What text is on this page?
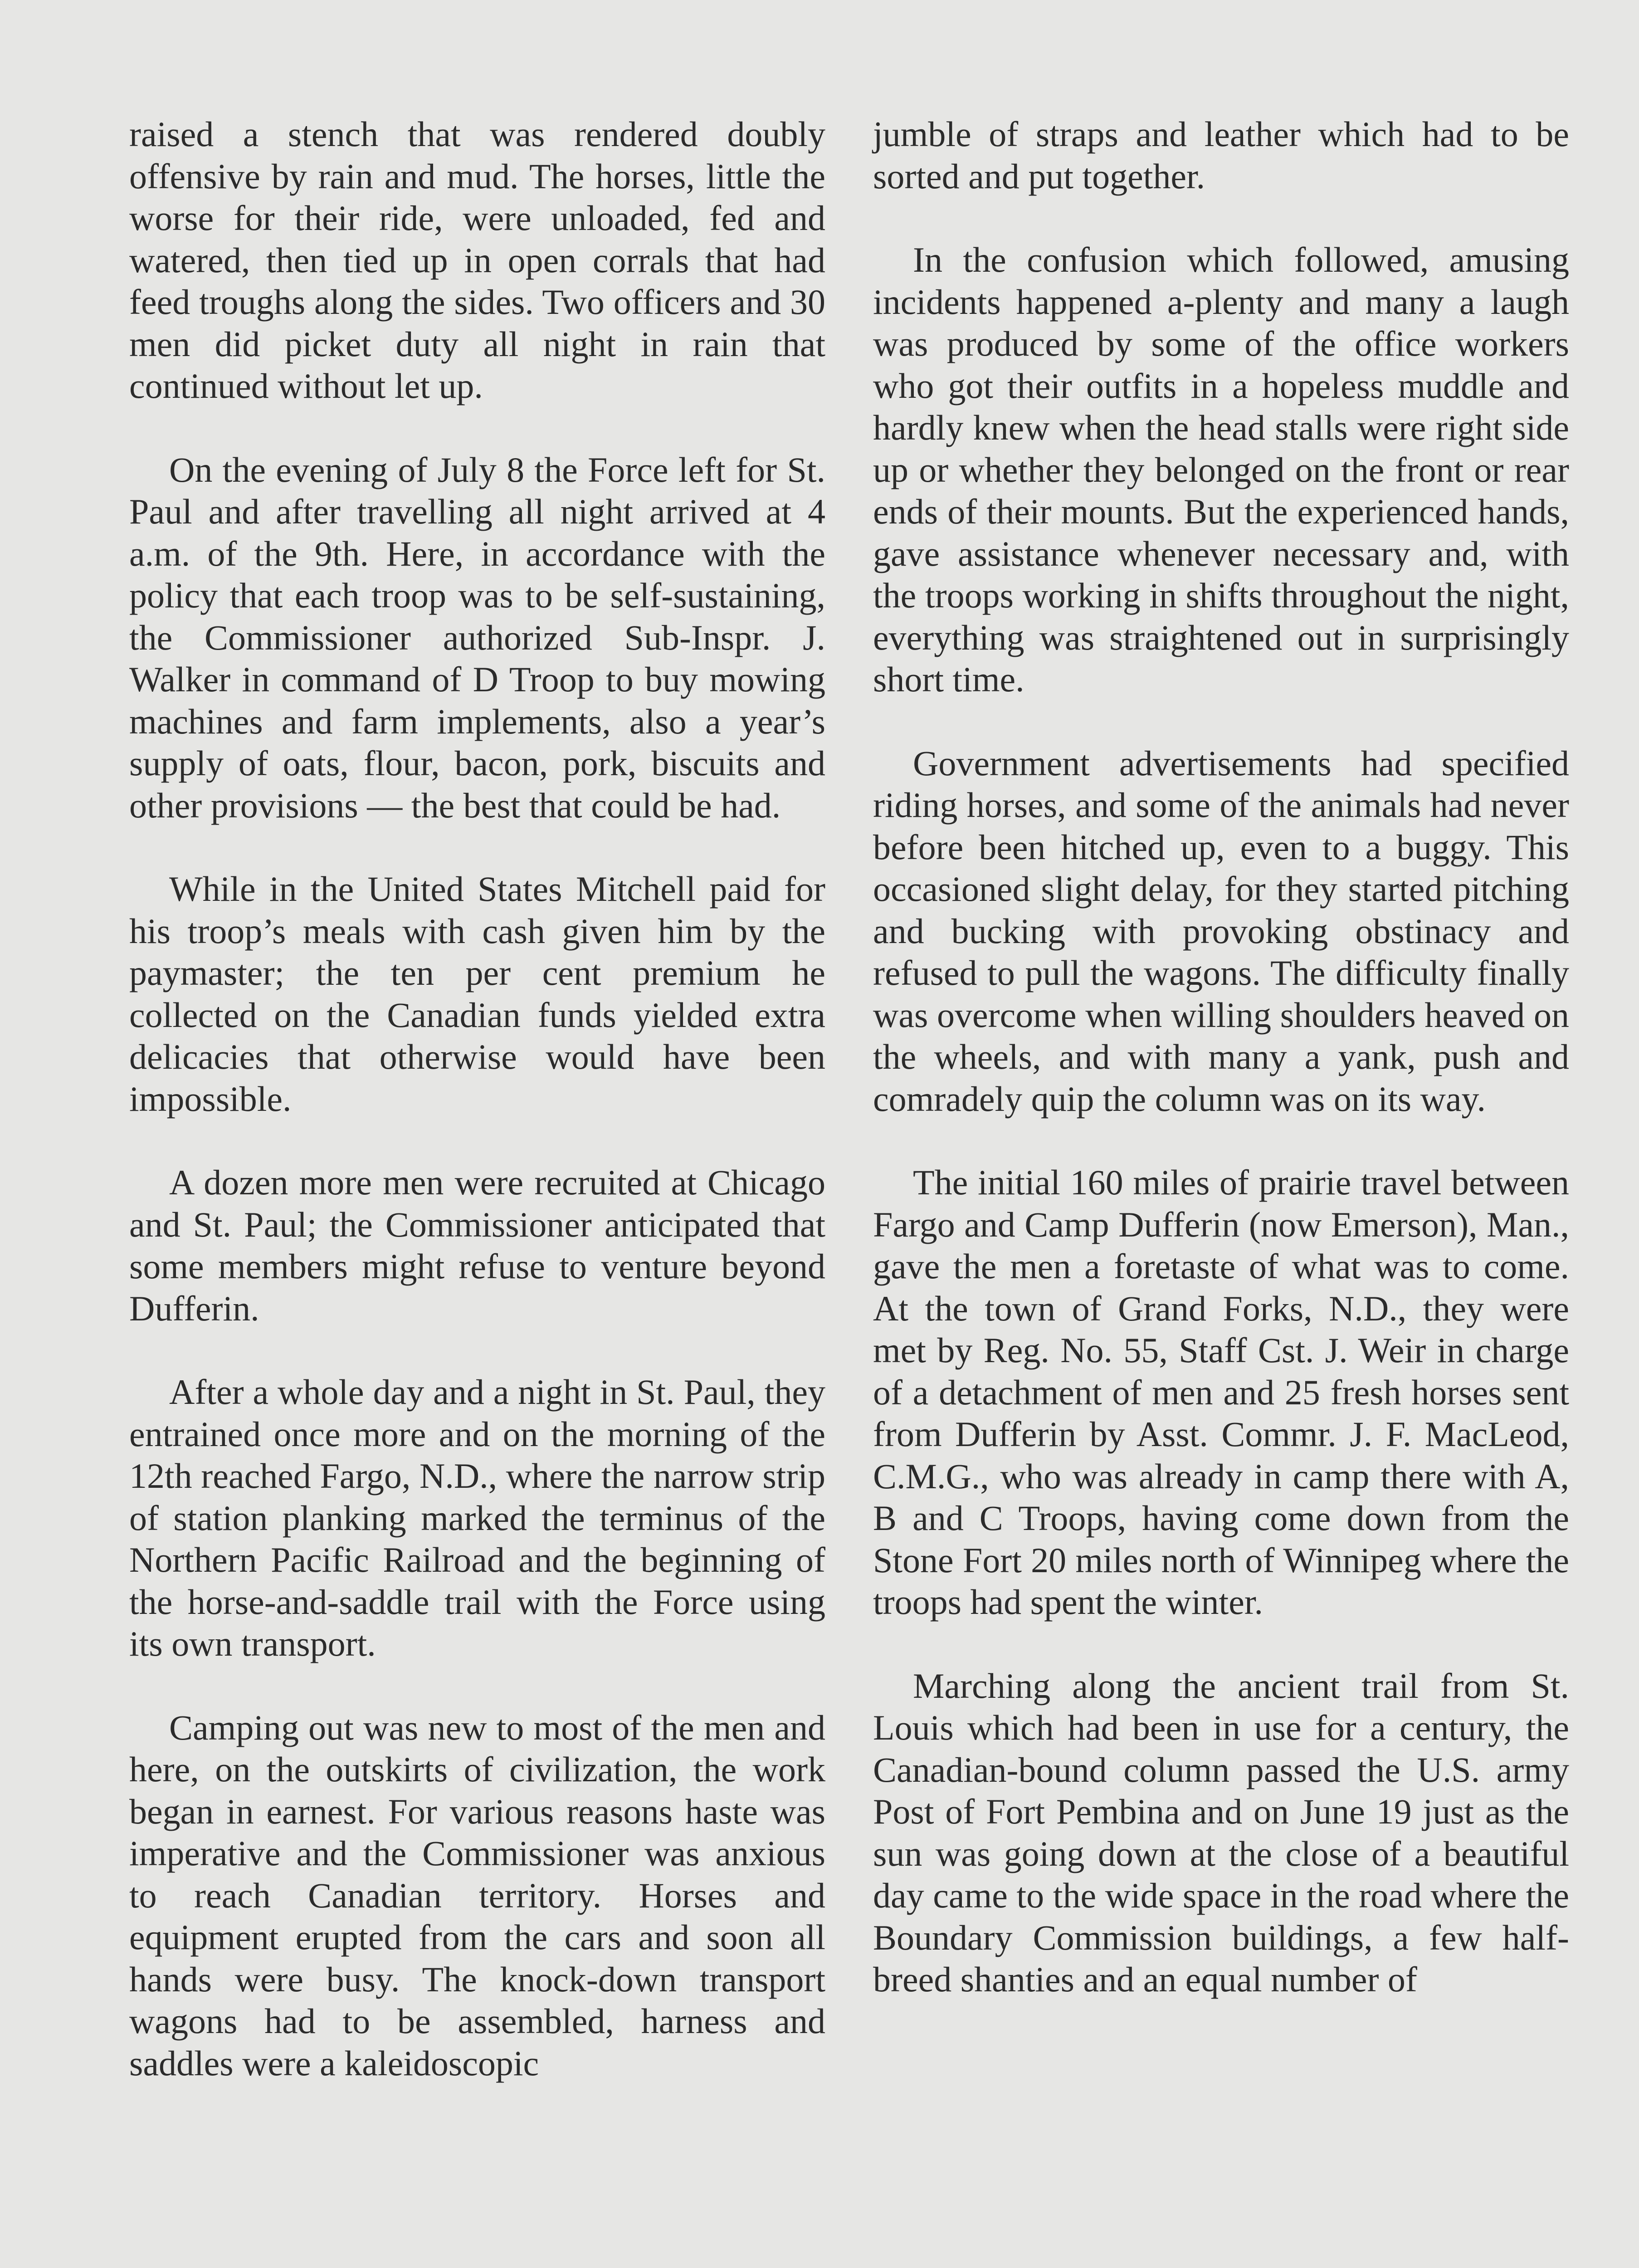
raised a stench that was rendered doubly offensive by rain and mud. The horses, little the worse for their ride, were unloaded, fed and watered, then tied up in open corrals that had feed troughs along the sides. Two officers and 30 men did picket duty all night in rain that continued without let up.

On the evening of July 8 the Force left for St. Paul and after travelling all night arrived at 4 a.m. of the 9th. Here, in accordance with the policy that each troop was to be self-sustaining, the Commissioner authorized Sub-Inspr. J. Walker in command of D Troop to buy mowing machines and farm implements, also a year’s supply of oats, flour, bacon, pork, biscuits and other provisions — the best that could be had.

While in the United States Mitchell paid for his troop’s meals with cash given him by the paymaster; the ten per cent premium he collected on the Canadian funds yielded extra delicacies that otherwise would have been impossible.

A dozen more men were recruited at Chicago and St. Paul; the Commissioner anticipated that some members might refuse to venture beyond Dufferin.

After a whole day and a night in St. Paul, they entrained once more and on the morning of the 12th reached Fargo, N.D., where the narrow strip of station planking marked the terminus of the Northern Pacific Railroad and the beginning of the horse-and-saddle trail with the Force using its own transport.

Camping out was new to most of the men and here, on the outskirts of civilization, the work began in earnest. For various reasons haste was imperative and the Commissioner was anxious to reach Canadian territory. Horses and equipment erupted from the cars and soon all hands were busy. The knock-down transport wagons had to be assembled, harness and saddles were a kaleidoscopic

jumble of straps and leather which had to be sorted and put together.

In the confusion which followed, amusing incidents happened a-plenty and many a laugh was produced by some of the office workers who got their outfits in a hopeless muddle and hardly knew when the head stalls were right side up or whether they belonged on the front or rear ends of their mounts. But the experienced hands, gave assistance whenever necessary and, with the troops working in shifts throughout the night, everything was straightened out in surprisingly short time.

Government advertisements had specified riding horses, and some of the animals had never before been hitched up, even to a buggy. This occasioned slight delay, for they started pitching and bucking with provoking obstinacy and refused to pull the wagons. The difficulty finally was overcome when willing shoulders heaved on the wheels, and with many a yank, push and comradely quip the column was on its way.

The initial 160 miles of prairie travel between Fargo and Camp Dufferin (now Emerson), Man., gave the men a foretaste of what was to come. At the town of Grand Forks, N.D., they were met by Reg. No. 55, Staff Cst. J. Weir in charge of a detachment of men and 25 fresh horses sent from Dufferin by Asst. Commr. J. F. MacLeod, C.M.G., who was already in camp there with A, B and C Troops, having come down from the Stone Fort 20 miles north of Winnipeg where the troops had spent the winter.

Marching along the ancient trail from St. Louis which had been in use for a century, the Canadian-bound column passed the U.S. army Post of Fort Pembina and on June 19 just as the sun was going down at the close of a beautiful day came to the wide space in the road where the Boundary Commission buildings, a few half-breed shanties and an equal number of
